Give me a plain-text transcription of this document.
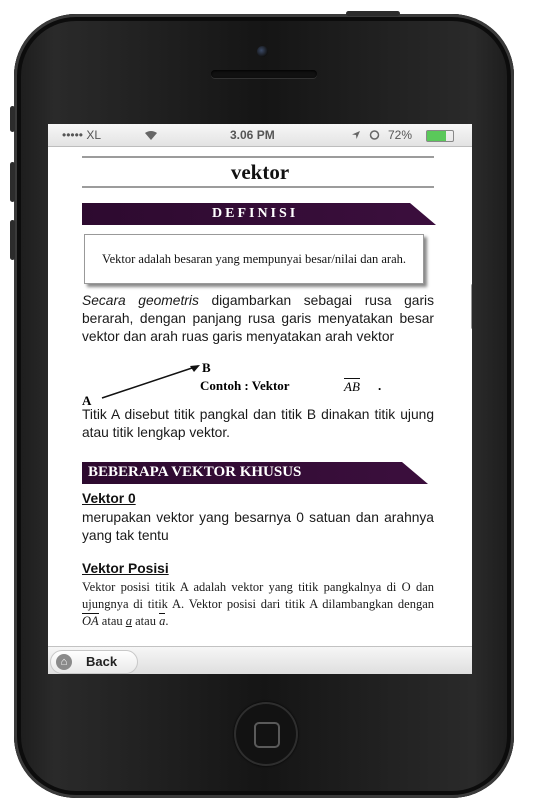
••••• XL	3.06 PM	72%
vektor
DEFINISI
Vektor adalah besaran yang mempunyai besar/nilai dan arah.
Secara geometris digambarkan sebagai rusa garis berarah, dengan panjang rusa garis menyatakan besar vektor dan arah ruas garis menyatakan arah vektor
B
A
Contoh : Vektor	AB .
Titik A disebut titik pangkal dan titik B dinakan titik ujung atau titik lengkap vektor.
BEBERAPA VEKTOR KHUSUS
Vektor 0
merupakan vektor yang besarnya 0 satuan dan arahnya yang tak tentu
Vektor Posisi
Vektor posisi titik A adalah vektor yang titik pangkalnya di O dan ujungnya di titik A. Vektor posisi dari titik A dilambangkan dengan OA atau a atau a.
⌂	Back
